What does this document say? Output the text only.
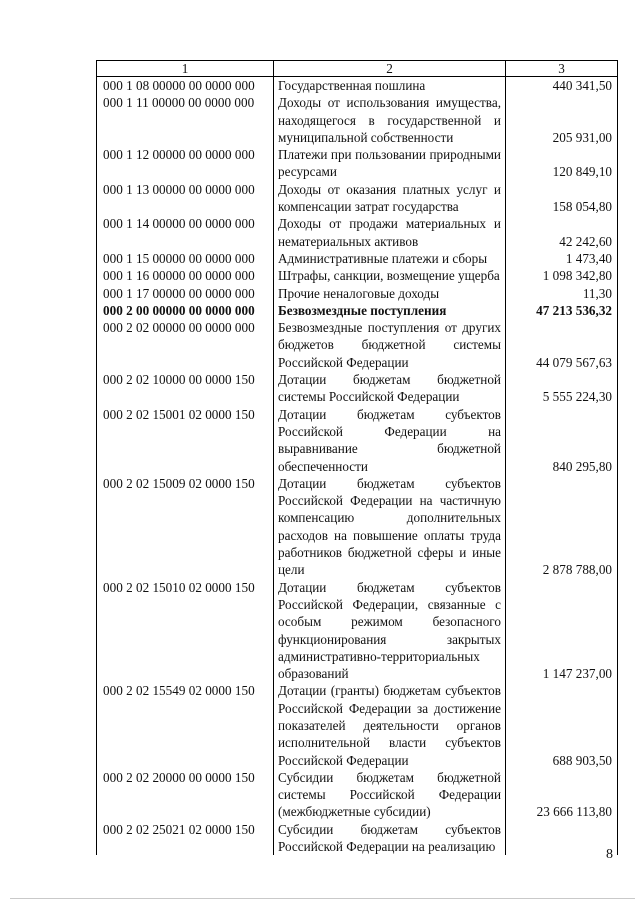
1	2	3
000 1 08 00000 00 0000 000	Государственная пошлина	440 341,50
000 1 11 00000 00 0000 000	Доходы от использования имущества, находящегося в государственной и муниципальной собственности	205 931,00
000 1 12 00000 00 0000 000	Платежи при пользовании природными ресурсами	120 849,10
000 1 13 00000 00 0000 000	Доходы от оказания платных услуг и компенсации затрат государства	158 054,80
000 1 14 00000 00 0000 000	Доходы от продажи материальных и нематериальных активов	42 242,60
000 1 15 00000 00 0000 000	Административные платежи и сборы	1 473,40
000 1 16 00000 00 0000 000	Штрафы, санкции, возмещение ущерба	1 098 342,80
000 1 17 00000 00 0000 000	Прочие неналоговые доходы	11,30
000 2 00 00000 00 0000 000	Безвозмездные поступления	47 213 536,32
000 2 02 00000 00 0000 000	Безвозмездные поступления от других бюджетов бюджетной системы Российской Федерации	44 079 567,63
000 2 02 10000 00 0000 150	Дотации бюджетам бюджетной системы Российской Федерации	5 555 224,30
000 2 02 15001 02 0000 150	Дотации бюджетам субъектов Российской Федерации на выравнивание бюджетной обеспеченности	840 295,80
000 2 02 15009 02 0000 150	Дотации бюджетам субъектов Российской Федерации на частичную компенсацию дополнительных расходов на повышение оплаты труда работников бюджетной сферы и иные цели	2 878 788,00
000 2 02 15010 02 0000 150	Дотации бюджетам субъектов Российской Федерации, связанные с особым режимом безопасного функционирования закрытых административно-территориальных образований	1 147 237,00
000 2 02 15549 02 0000 150	Дотации (гранты) бюджетам субъектов Российской Федерации за достижение показателей деятельности органов исполнительной власти субъектов Российской Федерации	688 903,50
000 2 02 20000 00 0000 150	Субсидии бюджетам бюджетной системы Российской Федерации (межбюджетные субсидии)	23 666 113,80
000 2 02 25021 02 0000 150	Субсидии бюджетам субъектов Российской Федерации на реализацию	
8
